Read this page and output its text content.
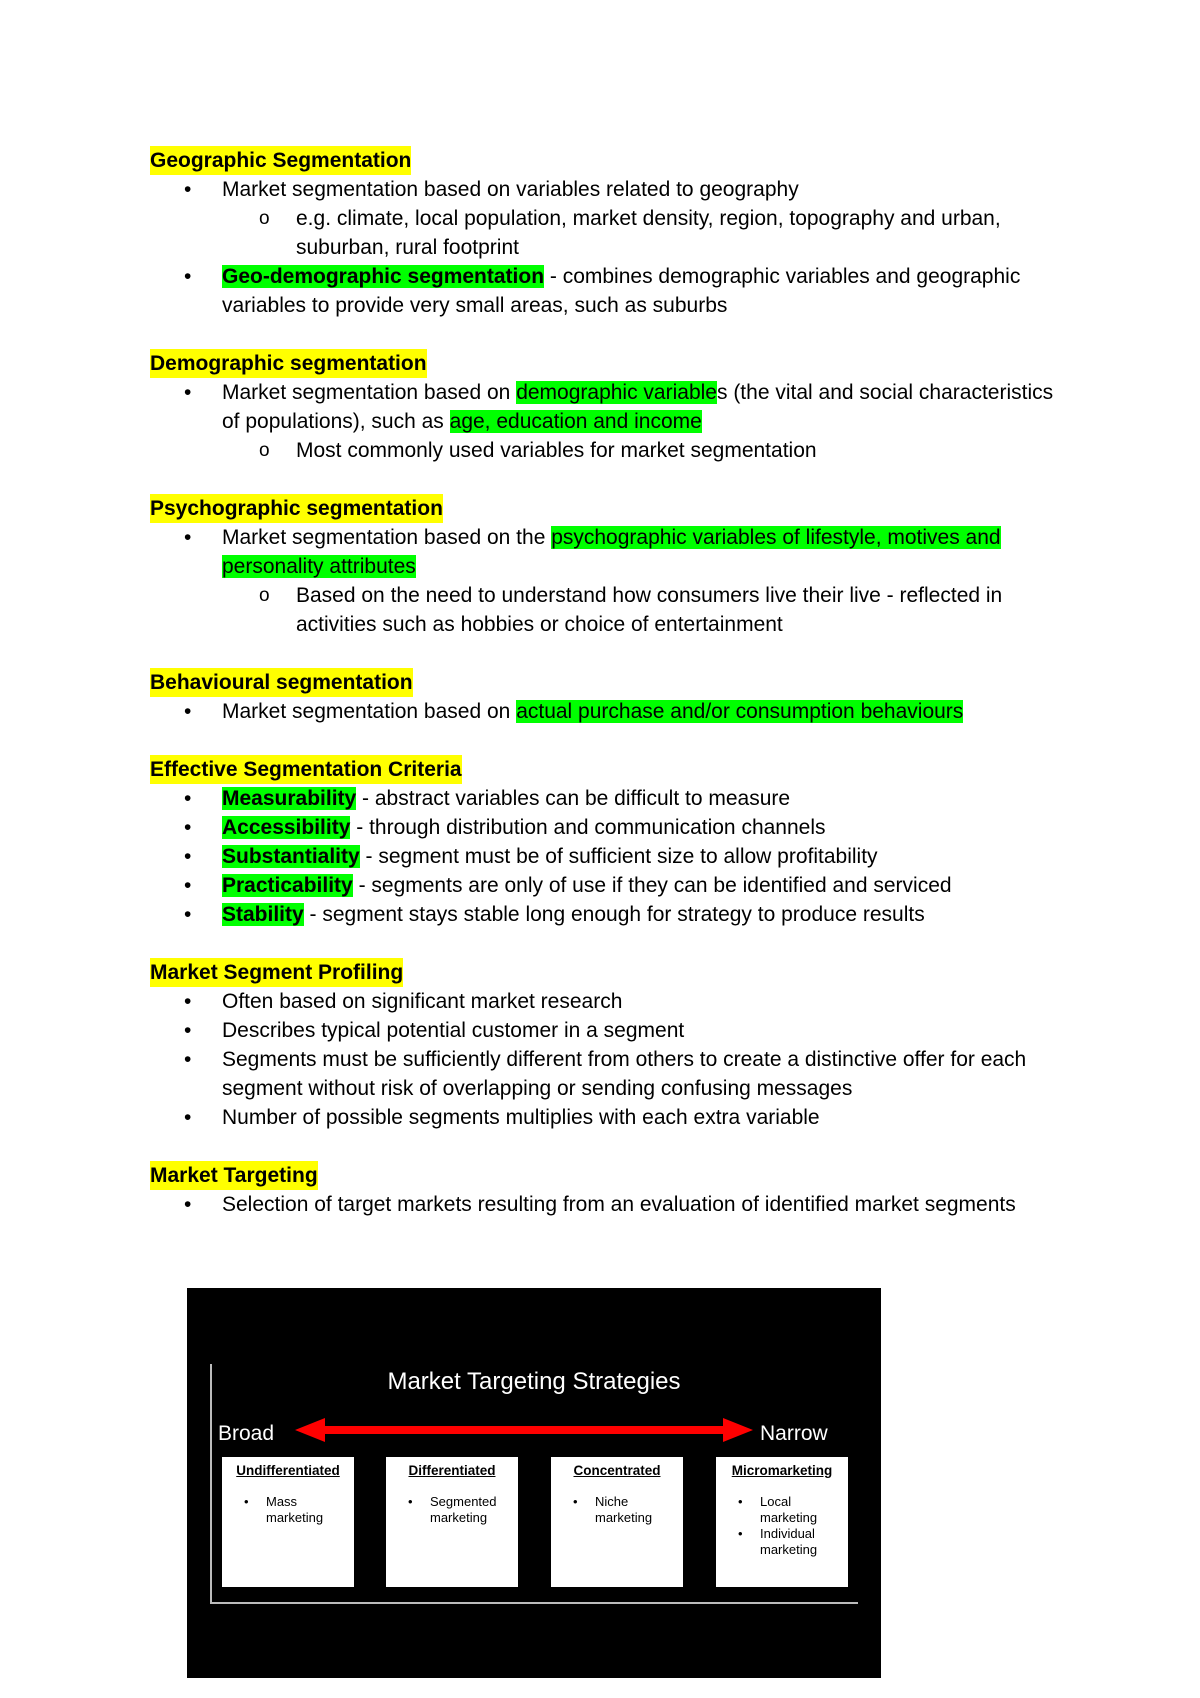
Geographic Segmentation
• Market segmentation based on variables related to geography
o e.g. climate, local population, market density, region, topography and urban, suburban, rural footprint
• Geo-demographic segmentation - combines demographic variables and geographic variables to provide very small areas, such as suburbs
Demographic segmentation
• Market segmentation based on demographic variables (the vital and social characteristics of populations), such as age, education and income
o Most commonly used variables for market segmentation
Psychographic segmentation
• Market segmentation based on the psychographic variables of lifestyle, motives and personality attributes
o Based on the need to understand how consumers live their live - reflected in activities such as hobbies or choice of entertainment
Behavioural segmentation
• Market segmentation based on actual purchase and/or consumption behaviours
Effective Segmentation Criteria
• Measurability - abstract variables can be difficult to measure
• Accessibility - through distribution and communication channels
• Substantiality - segment must be of sufficient size to allow profitability
• Practicability - segments are only of use if they can be identified and serviced
• Stability - segment stays stable long enough for strategy to produce results
Market Segment Profiling
• Often based on significant market research
• Describes typical potential customer in a segment
• Segments must be sufficiently different from others to create a distinctive offer for each segment without risk of overlapping or sending confusing messages
• Number of possible segments multiplies with each extra variable
Market Targeting
• Selection of target markets resulting from an evaluation of identified market segments
Market Targeting Strategies
Broad	Narrow
Undifferentiated
• Mass marketing
Differentiated
• Segmented marketing
Concentrated
• Niche marketing
Micromarketing
• Local marketing
• Individual marketing
